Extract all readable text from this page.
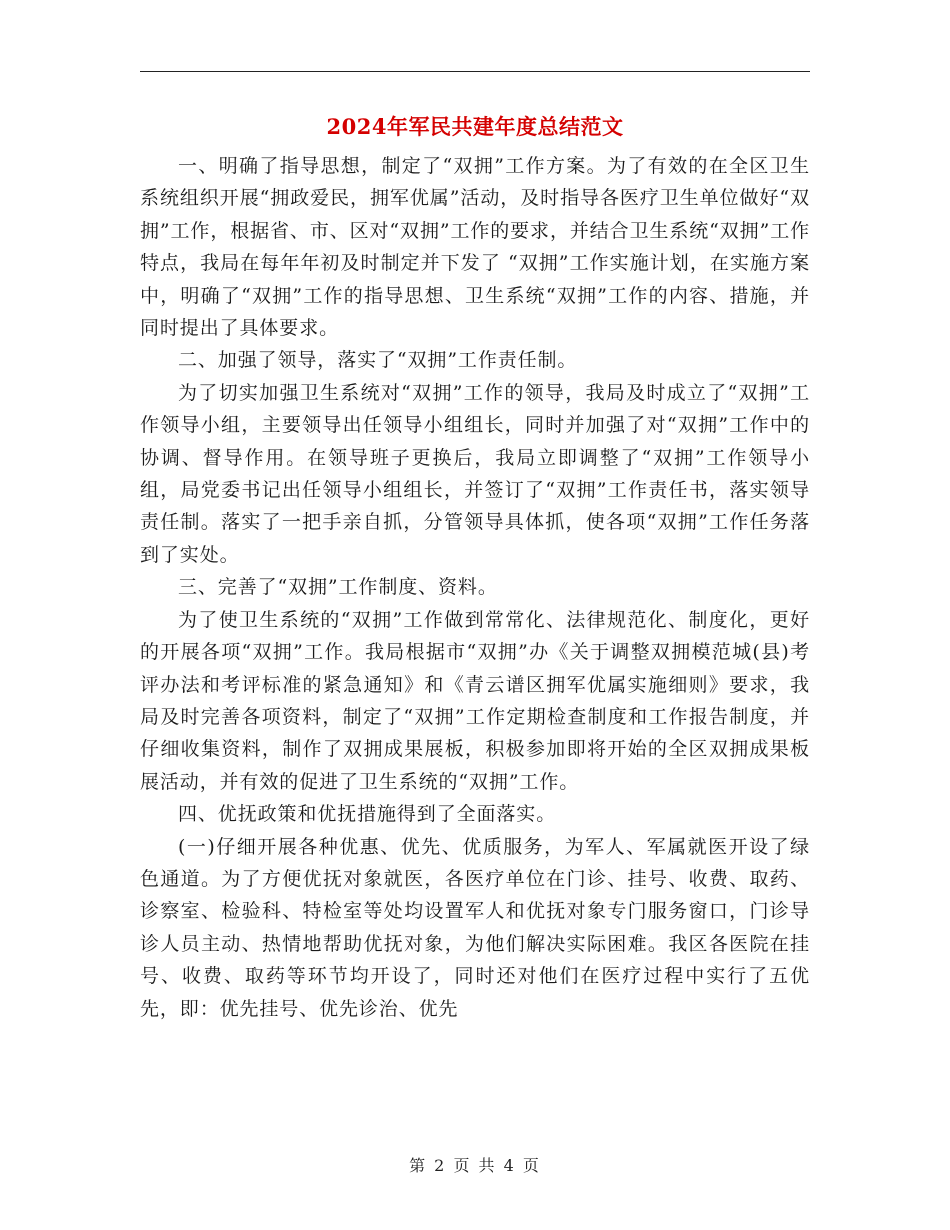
2024年军民共建年度总结范文

一、明确了指导思想，制定了“双拥”工作方案。为了有效的在全区卫生系统组织开展“拥政爱民，拥军优属”活动，及时指导各医疗卫生单位做好“双拥”工作，根据省、市、区对“双拥”工作的要求，并结合卫生系统“双拥”工作特点，我局在每年年初及时制定并下发了 “双拥”工作实施计划，在实施方案中，明确了“双拥”工作的指导思想、卫生系统“双拥”工作的内容、措施，并同时提出了具体要求。

二、加强了领导，落实了“双拥”工作责任制。

为了切实加强卫生系统对“双拥”工作的领导，我局及时成立了“双拥”工作领导小组，主要领导出任领导小组组长，同时并加强了对“双拥”工作中的协调、督导作用。在领导班子更换后，我局立即调整了“双拥”工作领导小组，局党委书记出任领导小组组长，并签订了“双拥”工作责任书，落实领导责任制。落实了一把手亲自抓，分管领导具体抓，使各项“双拥”工作任务落到了实处。

三、完善了“双拥”工作制度、资料。

为了使卫生系统的“双拥”工作做到常常化、法律规范化、制度化，更好的开展各项“双拥”工作。我局根据市“双拥”办《关于调整双拥模范城(县)考评办法和考评标准的紧急通知》和《青云谱区拥军优属实施细则》要求，我局及时完善各项资料，制定了“双拥”工作定期检查制度和工作报告制度，并仔细收集资料，制作了双拥成果展板，积极参加即将开始的全区双拥成果板展活动，并有效的促进了卫生系统的“双拥”工作。

四、优抚政策和优抚措施得到了全面落实。

(一)仔细开展各种优惠、优先、优质服务，为军人、军属就医开设了绿色通道。为了方便优抚对象就医，各医疗单位在门诊、挂号、收费、取药、诊察室、检验科、特检室等处均设置军人和优抚对象专门服务窗口，门诊导诊人员主动、热情地帮助优抚对象，为他们解决实际困难。我区各医院在挂号、收费、取药等环节均开设了，同时还对他们在医疗过程中实行了五优先，即：优先挂号、优先诊治、优先

第 2 页 共 4 页
